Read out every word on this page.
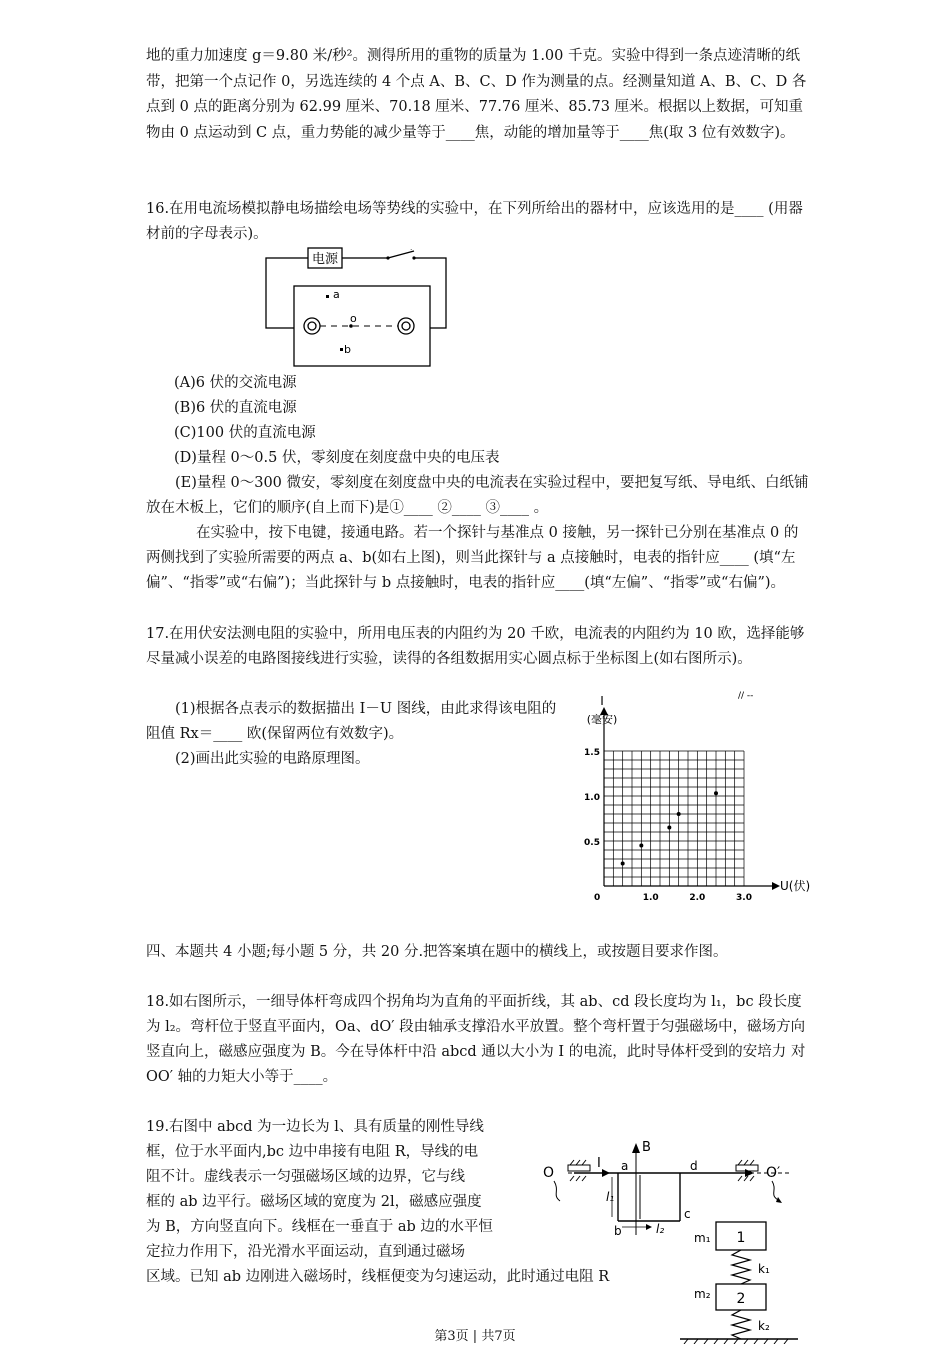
地的重力加速度 g＝9.80 米/秒²。测得所用的重物的质量为 1.00 千克。实验中得到一条点迹清晰的纸带，把第一个点记作 0，另选连续的 4 个点 A、B、C、D 作为测量的点。经测量知道 A、B、C、D 各点到 0 点的距离分别为 62.99 厘米、70.18 厘米、77.76 厘米、85.73 厘米。根据以上数据，可知重物由 0 点运动到 C 点，重力势能的减少量等于____焦，动能的增加量等于____焦(取 3 位有效数字)。

16.在用电流场模拟静电场描绘电场等势线的实验中，在下列所给出的器材中，应该选用的是____ (用器材前的字母表示)。

电源
o
a
b

(A)6 伏的交流电源

(B)6 伏的直流电源

(C)100 伏的直流电源

(D)量程 0～0.5 伏，零刻度在刻度盘中央的电压表

(E)量程 0～300 微安，零刻度在刻度盘中央的电流表在实验过程中，要把复写纸、导电纸、白纸铺放在木板上，它们的顺序(自上而下)是①____ ②____ ③____ 。

在实验中，按下电键，接通电路。若一个探针与基准点 0 接触，另一探针已分别在基准点 0 的两侧找到了实验所需要的两点 a、b(如右上图)，则当此探针与 a 点接触时，电表的指针应____ (填“左偏”、“指零”或“右偏”)；当此探针与 b 点接触时，电表的指针应____(填“左偏”、“指零”或“右偏”)。

17.在用伏安法测电阻的实验中，所用电压表的内阻约为 20 千欧，电流表的内阻约为 10 欧，选择能够尽量减小误差的电路图接线进行实验，读得的各组数据用实心圆点标于坐标图上(如右图所示)。

(1)根据各点表示的数据描出 I－U 图线，由此求得该电阻的阻值 Rx＝____ 欧(保留两位有效数字)。

(2)画出此实验的电路原理图。

1.0	2.0	3.0
0.5
1.0
1.5
0
U(伏)
I
(毫安)
// --

四、本题共 4 小题;每小题 5 分，共 20 分.把答案填在题中的横线上，或按题目要求作图。

18.如右图所示，一细导体杆弯成四个拐角均为直角的平面折线，其 ab、cd 段长度均为 l₁，bc 段长度为 l₂。弯杆位于竖直平面内，Oa、dO′ 段由轴承支撑沿水平放置。整个弯杆置于匀强磁场中，磁场方向竖直向上，磁感应强度为 B。今在导体杆中沿 abcd 通以大小为 I 的电流，此时导体杆受到的安培力 对 OO′ 轴的力矩大小等于____。

19.右图中 abcd 为一边长为 l、具有质量的刚性导线

框，位于水平面内,bc 边中串接有电阻 R，导线的电

阻不计。虚线表示一匀强磁场区域的边界，它与线

框的 ab 边平行。磁场区域的宽度为 2l，磁感应强度

为 B，方向竖直向下。线框在一垂直于 ab 边的水平恒

定拉力作用下，沿光滑水平面运动，直到通过磁场

区域。已知 ab 边刚进入磁场时，线框便变为匀速运动，此时通过电阻 R

O	O′
I
B
a	d
c
b
l₁
l₂
1
m₁
k₁
2
m₂
k₂
第3页 | 共7页
